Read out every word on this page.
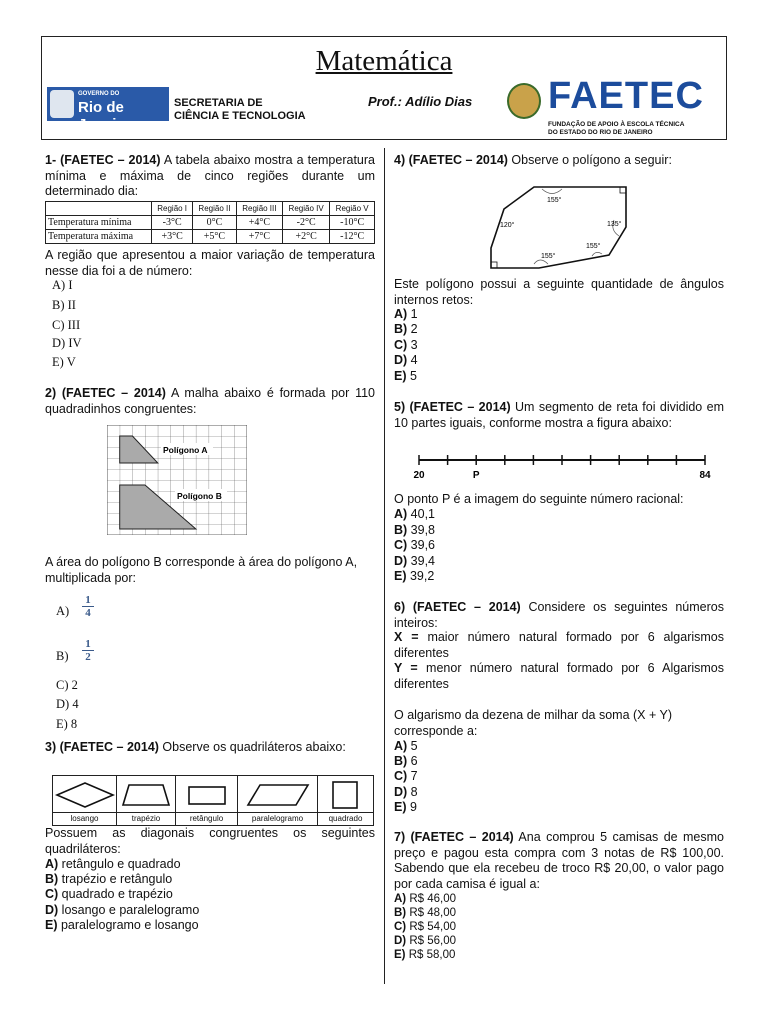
Matemática
GOVERNO DO
Rio de Janeiro
SECRETARIA DE
CIÊNCIA E TECNOLOGIA
Prof.: Adílio Dias FAETEC
FUNDAÇÃO DE APOIO À ESCOLA TÉCNICA
DO ESTADO DO RIO DE JANEIRO
1- (FAETEC – 2014) A tabela abaixo mostra a temperatura mínima e máxima de cinco regiões durante um determinado dia:
	Região I	Região II	Região III	Região IV	Região V
Temperatura mínima	-3°C	0°C	+4°C	-2°C	-10°C
Temperatura máxima	+3°C	+5°C	+7°C	+2°C	-12°C
A região que apresentou a maior variação de temperatura nesse dia foi a de número:
A) I
B) II
C) III
D) IV
E) V
2) (FAETEC – 2014) A malha abaixo é formada por 110 quadradinhos congruentes:
Polígono A
Polígono B
A área do polígono B corresponde à área do polígono A, multiplicada por:
$A) \frac{1}{4}$
$B) \frac{1}{2}$
C) 2
D) 4
E) 8
3) (FAETEC – 2014) Observe os quadriláteros abaixo:
losango	trapézio	retângulo	paralelogramo	quadrado
Possuem as diagonais congruentes os seguintes quadriláteros:
A) retângulo e quadrado
B) trapézio e retângulo
C) quadrado e trapézio
D) losango e paralelogramo
E) paralelogramo e losango
4) (FAETEC – 2014) Observe o polígono a seguir:
155°
120°	135°
155°
155°
Este polígono possui a seguinte quantidade de ângulos internos retos:
A) 1
B) 2
C) 3
D) 4
E) 5
5) (FAETEC – 2014) Um segmento de reta foi dividido em 10 partes iguais, conforme mostra a figura abaixo:
20	P	84
O ponto P é a imagem do seguinte número racional:
A) 40,1
B) 39,8
C) 39,6
D) 39,4
E) 39,2
6) (FAETEC – 2014) Considere os seguintes números inteiros:
X = maior número natural formado por 6 algarismos diferentes
Y = menor número natural formado por 6 Algarismos diferentes
O algarismo da dezena de milhar da soma (X + Y) corresponde a:
A) 5
B) 6
C) 7
D) 8
E) 9
7) (FAETEC – 2014) Ana comprou 5 camisas de mesmo preço e pagou esta compra com 3 notas de R$ 100,00. Sabendo que ela recebeu de troco R$ 20,00, o valor pago por cada camisa é igual a:
A) R$ 46,00
B) R$ 48,00
C) R$ 54,00
D) R$ 56,00
E) R$ 58,00
